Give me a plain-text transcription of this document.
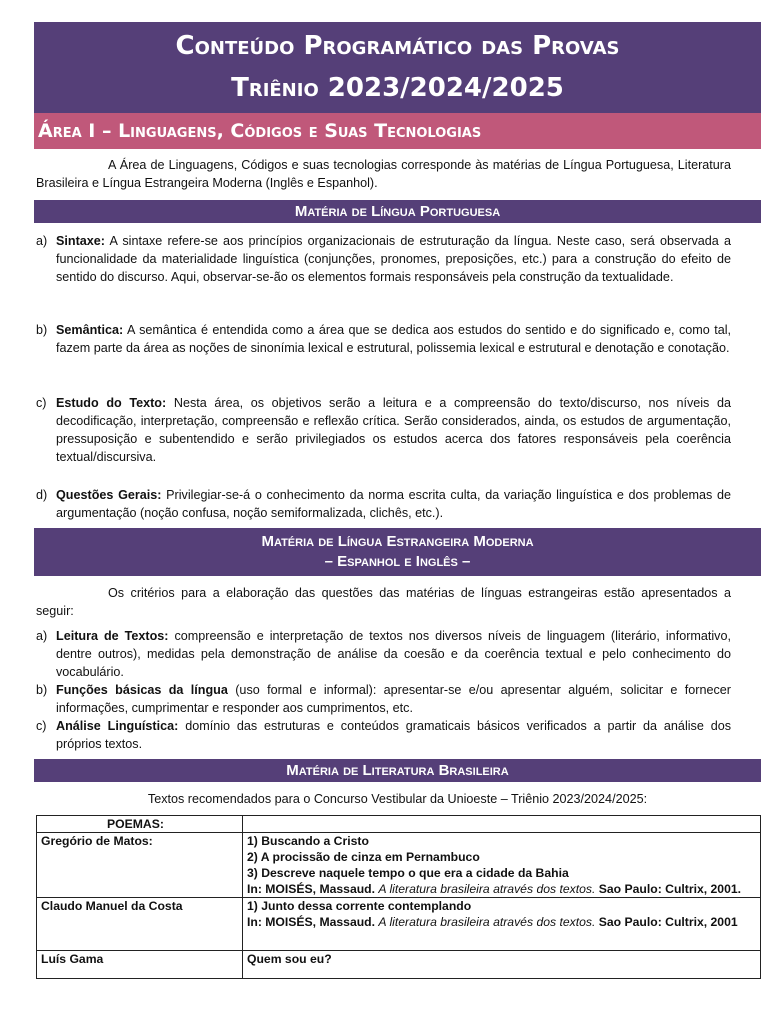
Conteúdo Programático das Provas
Triênio 2023/2024/2025
Área I – Linguagens, Códigos e Suas Tecnologias
A Área de Linguagens, Códigos e suas tecnologias corresponde às matérias de Língua Portuguesa, Literatura Brasileira e Língua Estrangeira Moderna (Inglês e Espanhol).
Matéria de Língua Portuguesa
a) Sintaxe: A sintaxe refere-se aos princípios organizacionais de estruturação da língua. Neste caso, será observada a funcionalidade da materialidade linguística (conjunções, pronomes, preposições, etc.) para a construção do efeito de sentido do discurso. Aqui, observar-se-ão os elementos formais responsáveis pela construção da textualidade.
b) Semântica: A semântica é entendida como a área que se dedica aos estudos do sentido e do significado e, como tal, fazem parte da área as noções de sinonímia lexical e estrutural, polissemia lexical e estrutural e denotação e conotação.
c) Estudo do Texto: Nesta área, os objetivos serão a leitura e a compreensão do texto/discurso, nos níveis da decodificação, interpretação, compreensão e reflexão crítica. Serão considerados, ainda, os estudos de argumentação, pressuposição e subentendido e serão privilegiados os estudos acerca dos fatores responsáveis pela coerência textual/discursiva.
d) Questões Gerais: Privilegiar-se-á o conhecimento da norma escrita culta, da variação linguística e dos problemas de argumentação (noção confusa, noção semiformalizada, clichês, etc.).
Matéria de Língua Estrangeira Moderna
– Espanhol e Inglês –
Os critérios para a elaboração das questões das matérias de línguas estrangeiras estão apresentados a seguir:
a) Leitura de Textos: compreensão e interpretação de textos nos diversos níveis de linguagem (literário, informativo, dentre outros), medidas pela demonstração de análise da coesão e da coerência textual e pelo conhecimento do vocabulário.
b) Funções básicas da língua (uso formal e informal): apresentar-se e/ou apresentar alguém, solicitar e fornecer informações, cumprimentar e responder aos cumprimentos, etc.
c) Análise Linguística: domínio das estruturas e conteúdos gramaticais básicos verificados a partir da análise dos próprios textos.
Matéria de Literatura Brasileira
Textos recomendados para o Concurso Vestibular da Unioeste – Triênio 2023/2024/2025:
POEMAS:	
Gregório de Matos:	1) Buscando a Cristo
2) A procissão de cinza em Pernambuco
3) Descreve naquele tempo o que era a cidade da Bahia
In: MOISÉS, Massaud. A literatura brasileira através dos textos. Sao Paulo: Cultrix, 2001.

Claudo Manuel da Costa	1) Junto dessa corrente contemplando
In: MOISÉS, Massaud. A literatura brasileira através dos textos. Sao Paulo: Cultrix, 2001

Luís Gama	Quem sou eu?
